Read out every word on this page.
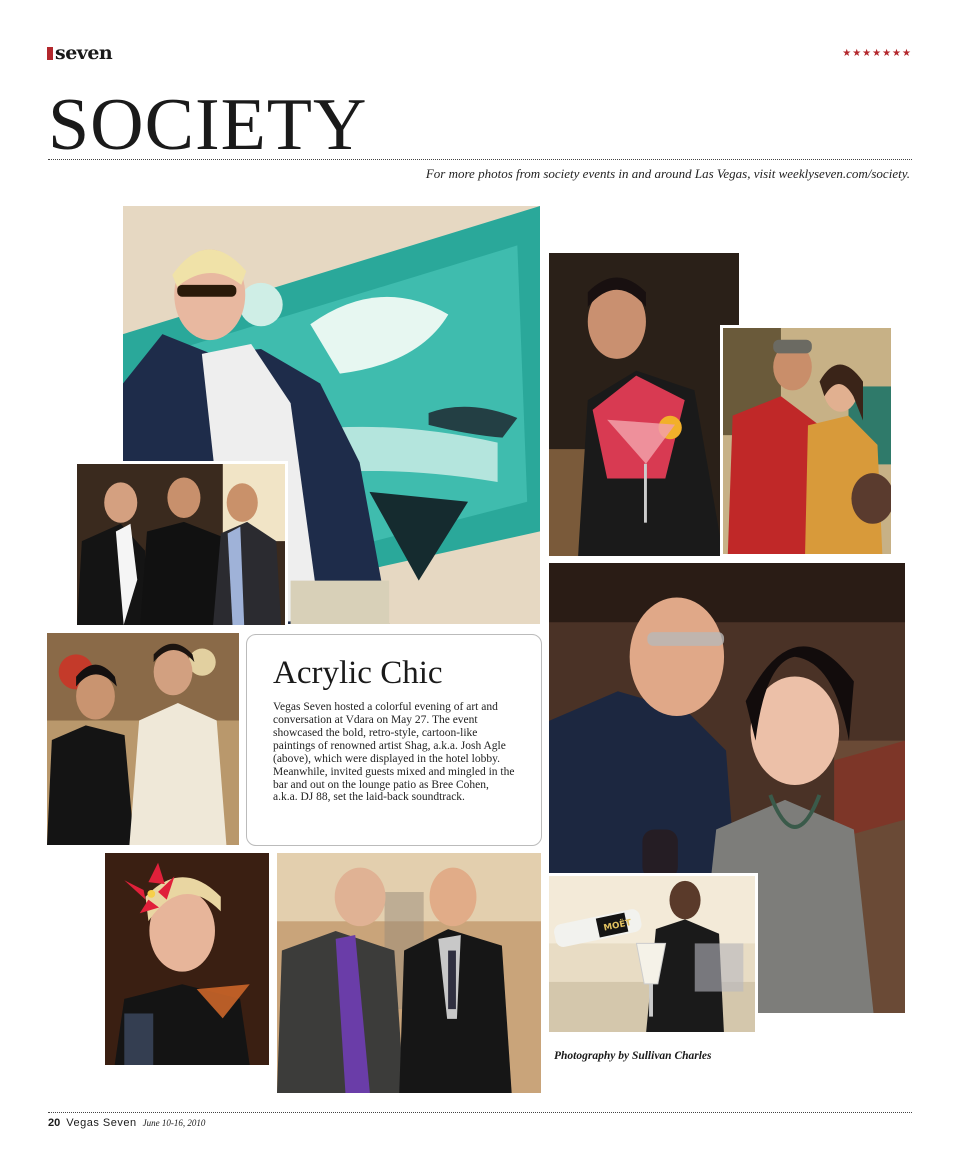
seven	★★★★★★★
SOCIETY
For more photos from society events in and around Las Vegas, visit weeklyseven.com/society.
Acrylic Chic

Vegas Seven hosted a colorful evening of art and conversation at Vdara on May 27. The event showcased the bold, retro-style, cartoon-like paintings of renowned artist Shag, a.k.a. Josh Agle (above), which were displayed in the hotel lobby. Meanwhile, invited guests mixed and mingled in the bar and out on the lounge patio as Bree Cohen, a.k.a. DJ 88, set the laid-back soundtrack.

MOËT
Photography by Sullivan Charles
20 Vegas Seven June 10-16, 2010
